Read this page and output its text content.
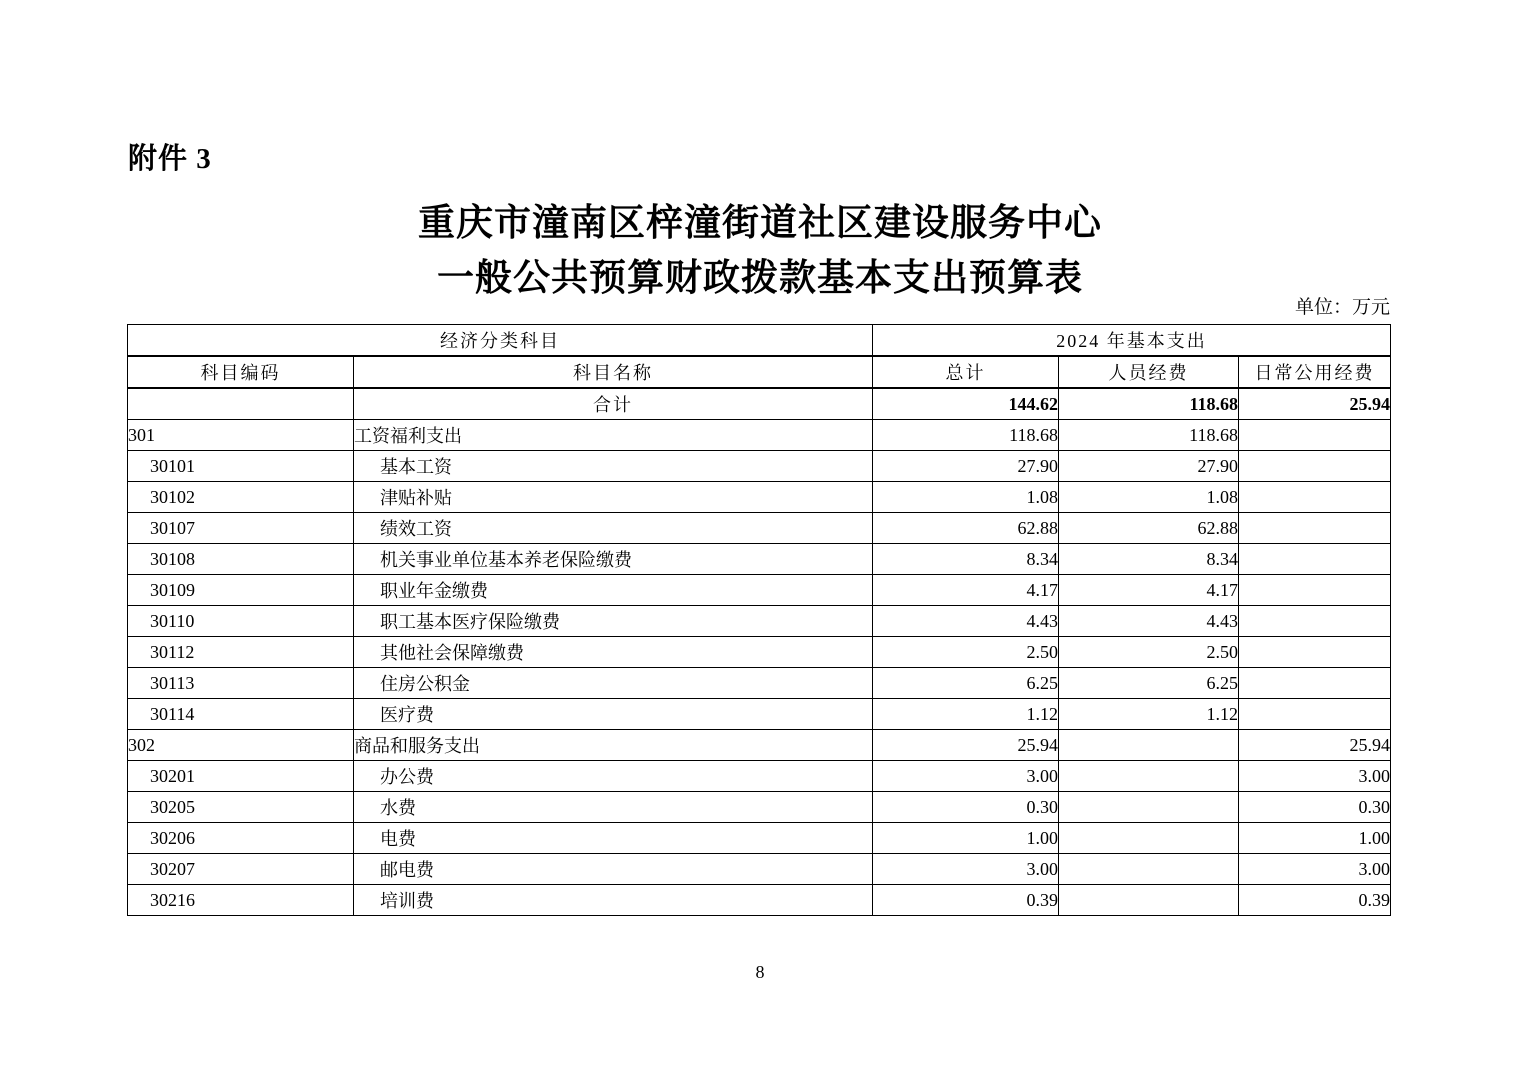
附件 3
重庆市潼南区梓潼街道社区建设服务中心
一般公共预算财政拨款基本支出预算表
单位：万元
经济分类科目		2024 年基本支出		
科目编码	科目名称	总计	人员经费	日常公用经费
	合计	144.62	118.68	25.94
301	工资福利支出	118.68	118.68	
30101	基本工资	27.90	27.90	
30102	津贴补贴	1.08	1.08	
30107	绩效工资	62.88	62.88	
30108	机关事业单位基本养老保险缴费	8.34	8.34	
30109	职业年金缴费	4.17	4.17	
30110	职工基本医疗保险缴费	4.43	4.43	
30112	其他社会保障缴费	2.50	2.50	
30113	住房公积金	6.25	6.25	
30114	医疗费	1.12	1.12	
302	商品和服务支出	25.94		25.94
30201	办公费	3.00		3.00
30205	水费	0.30		0.30
30206	电费	1.00		1.00
30207	邮电费	3.00		3.00
30216	培训费	0.39		0.39
8
